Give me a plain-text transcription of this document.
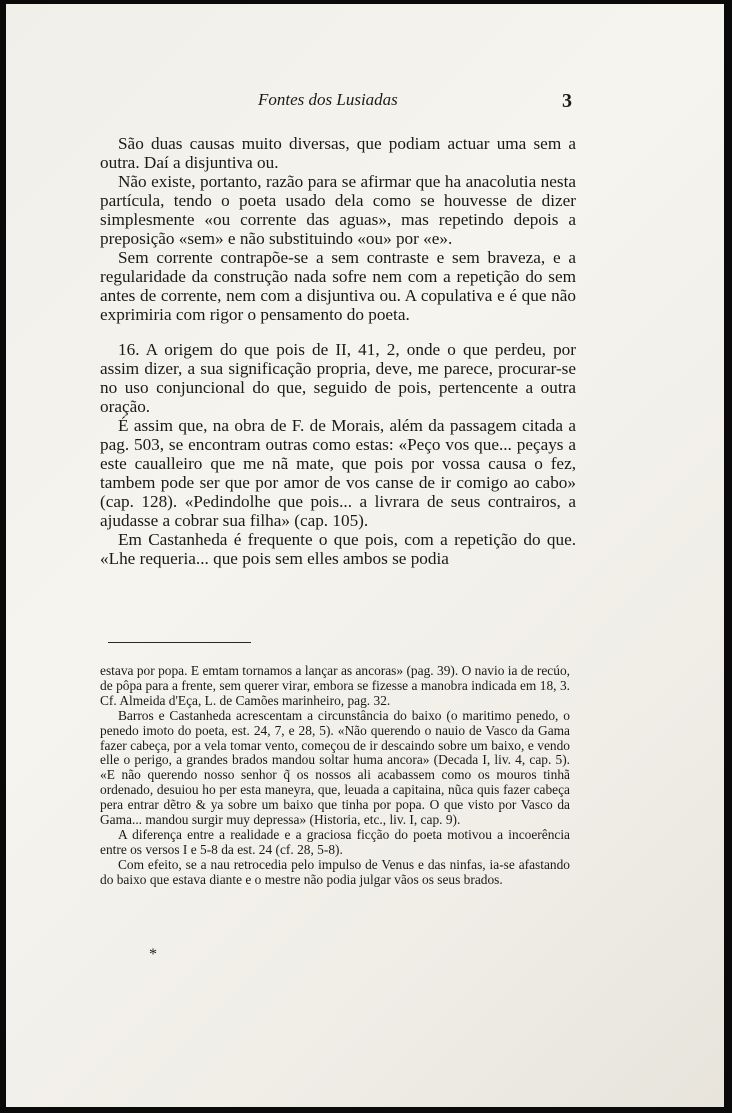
Fontes dos Lusiadas	3

São duas causas muito diversas, que podiam actuar uma sem a outra. Daí a disjuntiva ou.

Não existe, portanto, razão para se afirmar que ha anacolutia nesta partícula, tendo o poeta usado dela como se houvesse de dizer simplesmente «ou corrente das aguas», mas repetindo depois a preposição «sem» e não substituindo «ou» por «e».

Sem corrente contrapõe-se a sem contraste e sem braveza, e a regularidade da construção nada sofre nem com a repetição do sem antes de corrente, nem com a disjuntiva ou. A copulativa e é que não exprimiria com rigor o pensamento do poeta.

16. A origem do que pois de II, 41, 2, onde o que perdeu, por assim dizer, a sua significação propria, deve, me parece, procurar-se no uso conjuncional do que, seguido de pois, pertencente a outra oração.

É assim que, na obra de F. de Morais, além da passagem citada a pag. 503, se encontram outras como estas: «Peço vos que... peçays a este caualleiro que me nã mate, que pois por vossa causa o fez, tambem pode ser que por amor de vos canse de ir comigo ao cabo» (cap. 128). «Pedindolhe que pois... a livrara de seus contrairos, a ajudasse a cobrar sua filha» (cap. 105).

Em Castanheda é frequente o que pois, com a repetição do que. «Lhe requeria... que pois sem elles ambos se podia

estava por popa. E emtam tornamos a lançar as ancoras» (pag. 39). O navio ia de recúo, de pôpa para a frente, sem querer virar, embora se fizesse a manobra indicada em 18, 3. Cf. Almeida d'Eça, L. de Camões marinheiro, pag. 32.

Barros e Castanheda acrescentam a circunstância do baixo (o maritimo penedo, o penedo imoto do poeta, est. 24, 7, e 28, 5). «Não querendo o nauio de Vasco da Gama fazer cabeça, por a vela tomar vento, começou de ir descaindo sobre um baixo, e vendo elle o perigo, a grandes brados mandou soltar huma ancora» (Decada I, liv. 4, cap. 5). «E não querendo nosso senhor q̃ os nossos ali acabassem como os mouros tinhã ordenado, desuiou ho per esta maneyra, que, leuada a capitaina, nũca quis fazer cabeça pera entrar dẽtro & ya sobre um baixo que tinha por popa. O que visto por Vasco da Gama... mandou surgir muy depressa» (Historia, etc., liv. I, cap. 9).

A diferença entre a realidade e a graciosa ficção do poeta motivou a incoerência entre os versos I e 5-8 da est. 24 (cf. 28, 5-8).

Com efeito, se a nau retrocedia pelo impulso de Venus e das ninfas, ia-se afastando do baixo que estava diante e o mestre não podia julgar vãos os seus brados.

*
